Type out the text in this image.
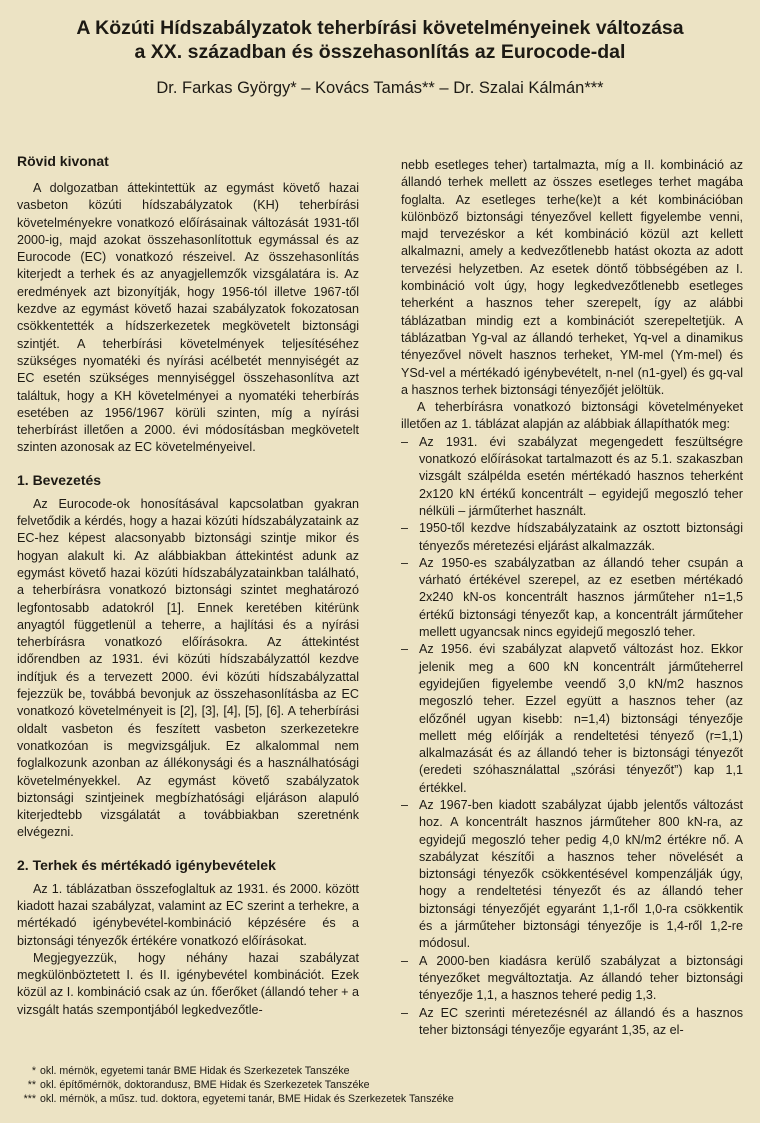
A Közúti Hídszabályzatok teherbírási követelményeinek változása
a XX. században és összehasonlítás az Eurocode-dal
Dr. Farkas György* – Kovács Tamás** – Dr. Szalai Kálmán***
Rövid kivonat

A dolgozatban áttekintettük az egymást követő hazai vasbeton közúti hídszabályzatok (KH) teherbírási követelményekre vonatkozó előírásainak változását 1931-től 2000-ig, majd azokat összehasonlítottuk egymással és az Eurocode (EC) vonatkozó részeivel. Az összehasonlítás kiterjedt a terhek és az anyagjellemzők vizsgálatára is. Az eredmények azt bizonyítják, hogy 1956-tól illetve 1967-től kezdve az egymást követő hazai szabályzatok fokozatosan csökkentették a hídszerkezetek megkövetelt biztonsági szintjét. A teherbírási követelmények teljesítéséhez szükséges nyomatéki és nyírási acélbetét mennyiségét az EC esetén szükséges mennyiséggel összehasonlítva azt találtuk, hogy a KH követelményei a nyomatéki teherbírás esetében az 1956/1967 körüli szinten, míg a nyírási teherbírást illetően a 2000. évi módosításban megkövetelt szinten azonosak az EC követelményeivel.

1. Bevezetés

Az Eurocode-ok honosításával kapcsolatban gyakran felvetődik a kérdés, hogy a hazai közúti hídszabályzataink az EC-hez képest alacsonyabb biztonsági szintje mikor és hogyan alakult ki. Az alábbiakban áttekintést adunk az egymást követő hazai közúti hídszabályzatainkban található, a teherbírásra vonatkozó biztonsági szintet meghatározó legfontosabb adatokról [1]. Ennek keretében kitérünk anyagtól függetlenül a teherre, a hajlítási és a nyírási teherbírásra vonatkozó előírásokra. Az áttekintést időrendben az 1931. évi közúti hídszabályzattól kezdve indítjuk és a tervezett 2000. évi közúti hídszabályzattal fejezzük be, továbbá bevonjuk az összehasonlításba az EC vonatkozó követelményeit is [2], [3], [4], [5], [6]. A teherbírási oldalt vasbeton és feszített vasbeton szerkezetekre vonatkozóan is megvizsgáljuk. Ez alkalommal nem foglalkozunk azonban az állékonysági és a használhatósági követelményekkel. Az egymást követő szabályzatok biztonsági szintjeinek megbízhatósági eljáráson alapuló kiterjedtebb vizsgálatát a továbbiakban szeretnénk elvégezni.

2. Terhek és mértékadó igénybevételek

Az 1. táblázatban összefoglaltuk az 1931. és 2000. között kiadott hazai szabályzat, valamint az EC szerint a terhekre, a mértékadó igénybevétel-kombináció képzésére és a biztonsági tényezők értékére vonatkozó előírásokat.

Megjegyezzük, hogy néhány hazai szabályzat megkülönböztetett I. és II. igénybevétel kombinációt. Ezek közül az I. kombináció csak az ún. főerőket (állandó teher + a vizsgált hatás szempontjából legkedvezőtle-

nebb esetleges teher) tartalmazta, míg a II. kombináció az állandó terhek mellett az összes esetleges terhet magába foglalta. Az esetleges terhe(ke)t a két kombinációban különböző biztonsági tényezővel kellett figyelembe venni, majd tervezéskor a két kombináció közül azt kellett alkalmazni, amely a kedvezőtlenebb hatást okozta az adott tervezési helyzetben. Az esetek döntő többségében az I. kombináció volt úgy, hogy legkedvezőtlenebb esetleges teherként a hasznos teher szerepelt, így az alábbi táblázatban mindig ezt a kombinációt szerepeltetjük. A táblázatban Yg-val az állandó terheket, Yq-vel a dinamikus tényezővel növelt hasznos terheket, YM-mel (Ym-mel) és YSd-vel a mértékadó igénybevételt, n-nel (n1-gyel) és gq-val a hasznos terhek biztonsági tényezőjét jelöltük.

A teherbírásra vonatkozó biztonsági követelményeket illetően az 1. táblázat alapján az alábbiak állapíthatók meg:

– Az 1931. évi szabályzat megengedett feszültségre vonatkozó előírásokat tartalmazott és az 5.1. szakaszban vizsgált szálpélda esetén mértékadó hasznos teherként 2x120 kN értékű koncentrált – egyidejű megoszló teher nélküli – járműterhet használt.
– 1950-től kezdve hídszabályzataink az osztott biztonsági tényezős méretezési eljárást alkalmazzák.
– Az 1950-es szabályzatban az állandó teher csupán a várható értékével szerepel, az ez esetben mértékadó 2x240 kN-os koncentrált hasznos járműteher n1=1,5 értékű biztonsági tényezőt kap, a koncentrált járműteher mellett ugyancsak nincs egyidejű megoszló teher.
– Az 1956. évi szabályzat alapvető változást hoz. Ekkor jelenik meg a 600 kN koncentrált járműteherrel egyidejűen figyelembe veendő 3,0 kN/m2 hasznos megoszló teher. Ezzel együtt a hasznos teher (az előzőnél ugyan kisebb: n=1,4) biztonsági tényezője mellett még előírják a rendeltetési tényező (r=1,1) alkalmazását és az állandó teher is biztonsági tényezőt (eredeti szóhasználattal „szórási tényezőt”) kap 1,1 értékkel.
– Az 1967-ben kiadott szabályzat újabb jelentős változást hoz. A koncentrált hasznos járműteher 800 kN-ra, az egyidejű megoszló teher pedig 4,0 kN/m2 értékre nő. A szabályzat készítői a hasznos teher növelését a biztonsági tényezők csökkentésével kompenzálják úgy, hogy a rendeltetési tényezőt és az állandó teher biztonsági tényezőjét egyaránt 1,1-ről 1,0-ra csökkentik és a járműteher biztonsági tényezője is 1,4-ről 1,2-re módosul.
– A 2000-ben kiadásra kerülő szabályzat a biztonsági tényezőket megváltoztatja. Az állandó teher biztonsági tényezője 1,1, a hasznos teheré pedig 1,3.
– Az EC szerinti méretezésnél az állandó és a hasznos teher biztonsági tényezője egyaránt 1,35, az el-
* okl. mérnök, egyetemi tanár BME Hidak és Szerkezetek Tanszéke
** okl. építőmérnök, doktorandusz, BME Hidak és Szerkezetek Tanszéke
*** okl. mérnök, a műsz. tud. doktora, egyetemi tanár, BME Hidak és Szerkezetek Tanszéke
